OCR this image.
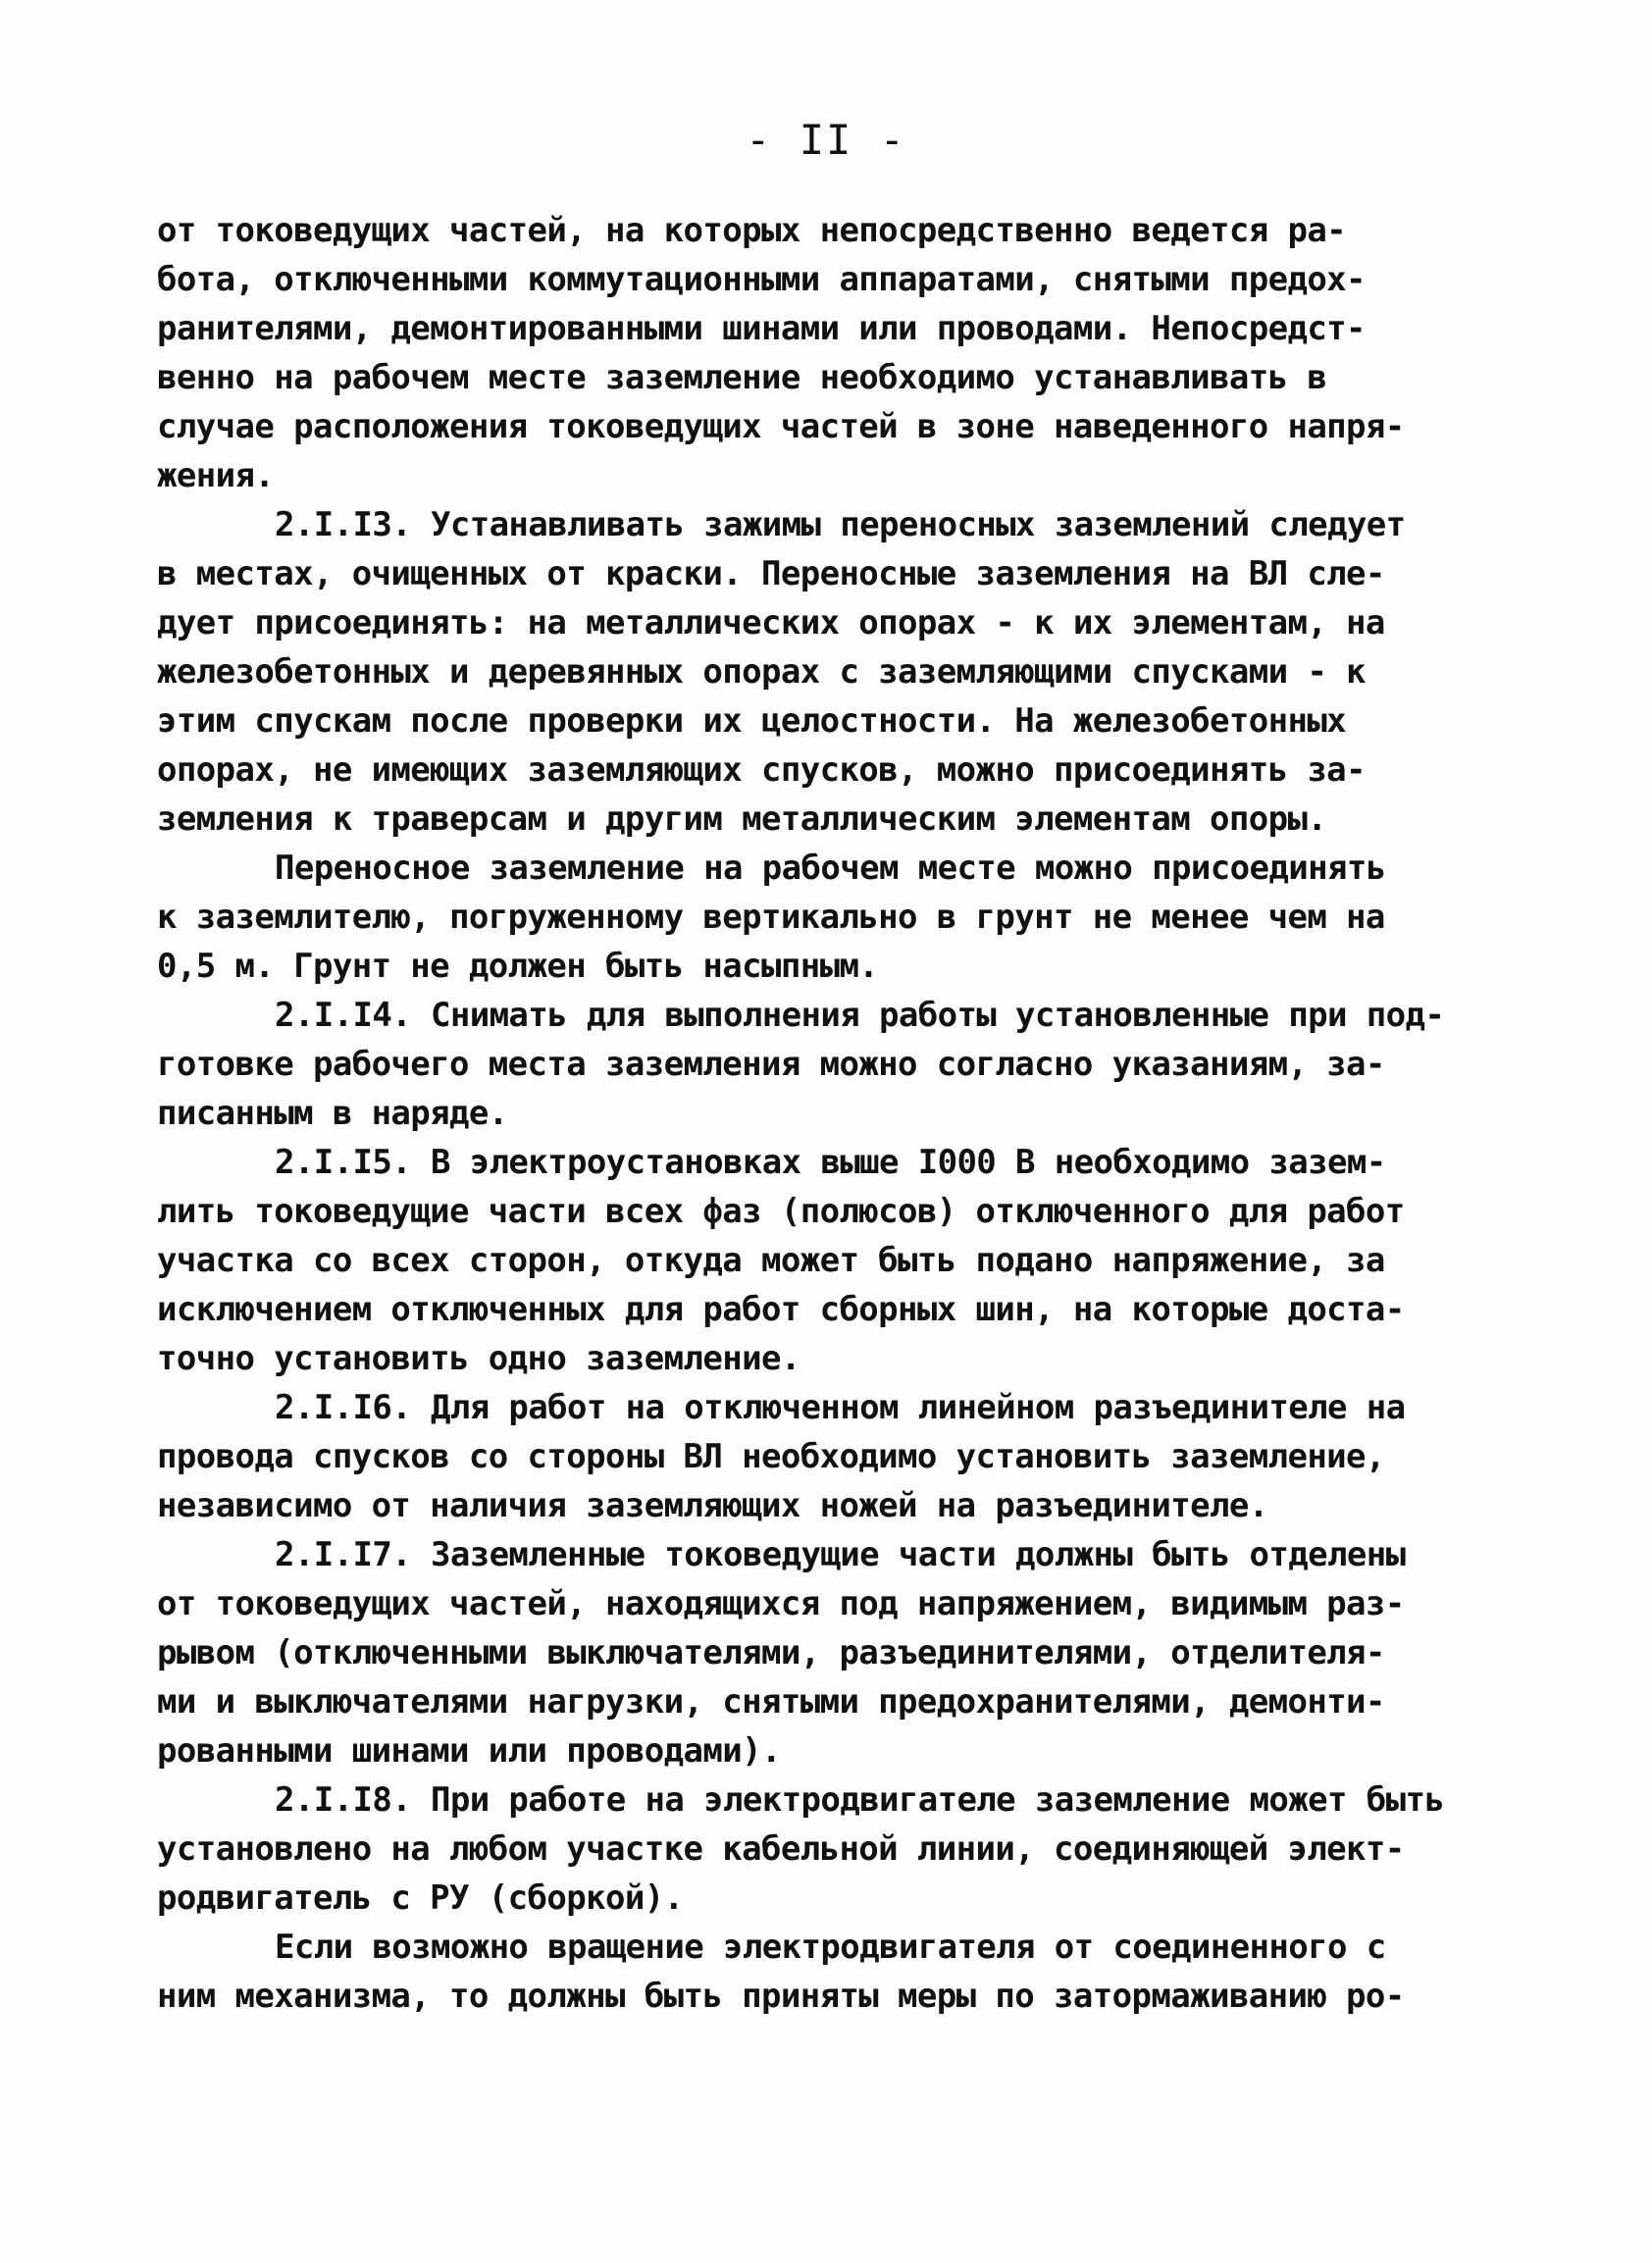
- II -
от токоведущих частей, на которых непосредственно ведется ра-
бота, отключенными коммутационными аппаратами, снятыми предох-
ранителями, демонтированными шинами или проводами. Непосредст-
венно на рабочем месте заземление необходимо устанавливать в
случае расположения токоведущих частей в зоне наведенного напря-
жения.
2.I.I3. Устанавливать зажимы переносных заземлений следует
в местах, очищенных от краски. Переносные заземления на ВЛ сле-
дует присоединять: на металлических опорах - к их элементам, на
железобетонных и деревянных опорах с заземляющими спусками - к
этим спускам после проверки их целостности. На железобетонных
опорах, не имеющих заземляющих спусков, можно присоединять за-
земления к траверсам и другим металлическим элементам опоры.
Переносное заземление на рабочем месте можно присоединять
к заземлителю, погруженному вертикально в грунт не менее чем на
0,5 м. Грунт не должен быть насыпным.
2.I.I4. Снимать для выполнения работы установленные при под-
готовке рабочего места заземления можно согласно указаниям, за-
писанным в наряде.
2.I.I5. В электроустановках выше I000 В необходимо зазем-
лить токоведущие части всех фаз (полюсов) отключенного для работ
участка со всех сторон, откуда может быть подано напряжение, за
исключением отключенных для работ сборных шин, на которые доста-
точно установить одно заземление.
2.I.I6. Для работ на отключенном линейном разъединителе на
провода спусков со стороны ВЛ необходимо установить заземление,
независимо от наличия заземляющих ножей на разъединителе.
2.I.I7. Заземленные токоведущие части должны быть отделены
от токоведущих частей, находящихся под напряжением, видимым раз-
рывом (отключенными выключателями, разъединителями, отделителя-
ми и выключателями нагрузки, снятыми предохранителями, демонти-
рованными шинами или проводами).
2.I.I8. При работе на электродвигателе заземление может быть
установлено на любом участке кабельной линии, соединяющей элект-
родвигатель с РУ (сборкой).
Если возможно вращение электродвигателя от соединенного с
ним механизма, то должны быть приняты меры по затормаживанию ро-
